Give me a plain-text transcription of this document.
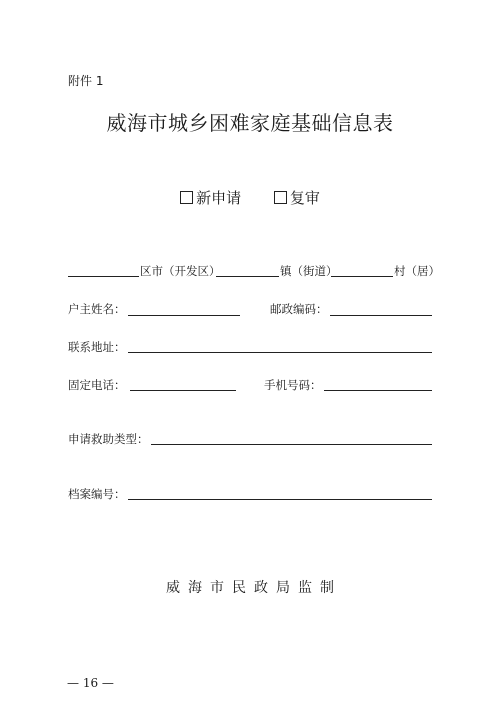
附件 1
威海市城乡困难家庭基础信息表
新申请	复审
区市（开发区）	镇（街道）	村（居）
户主姓名：	邮政编码：
联系地址：
固定电话：	手机号码：
申请救助类型：
档案编号：
威海市民政局监制
— 16 —
